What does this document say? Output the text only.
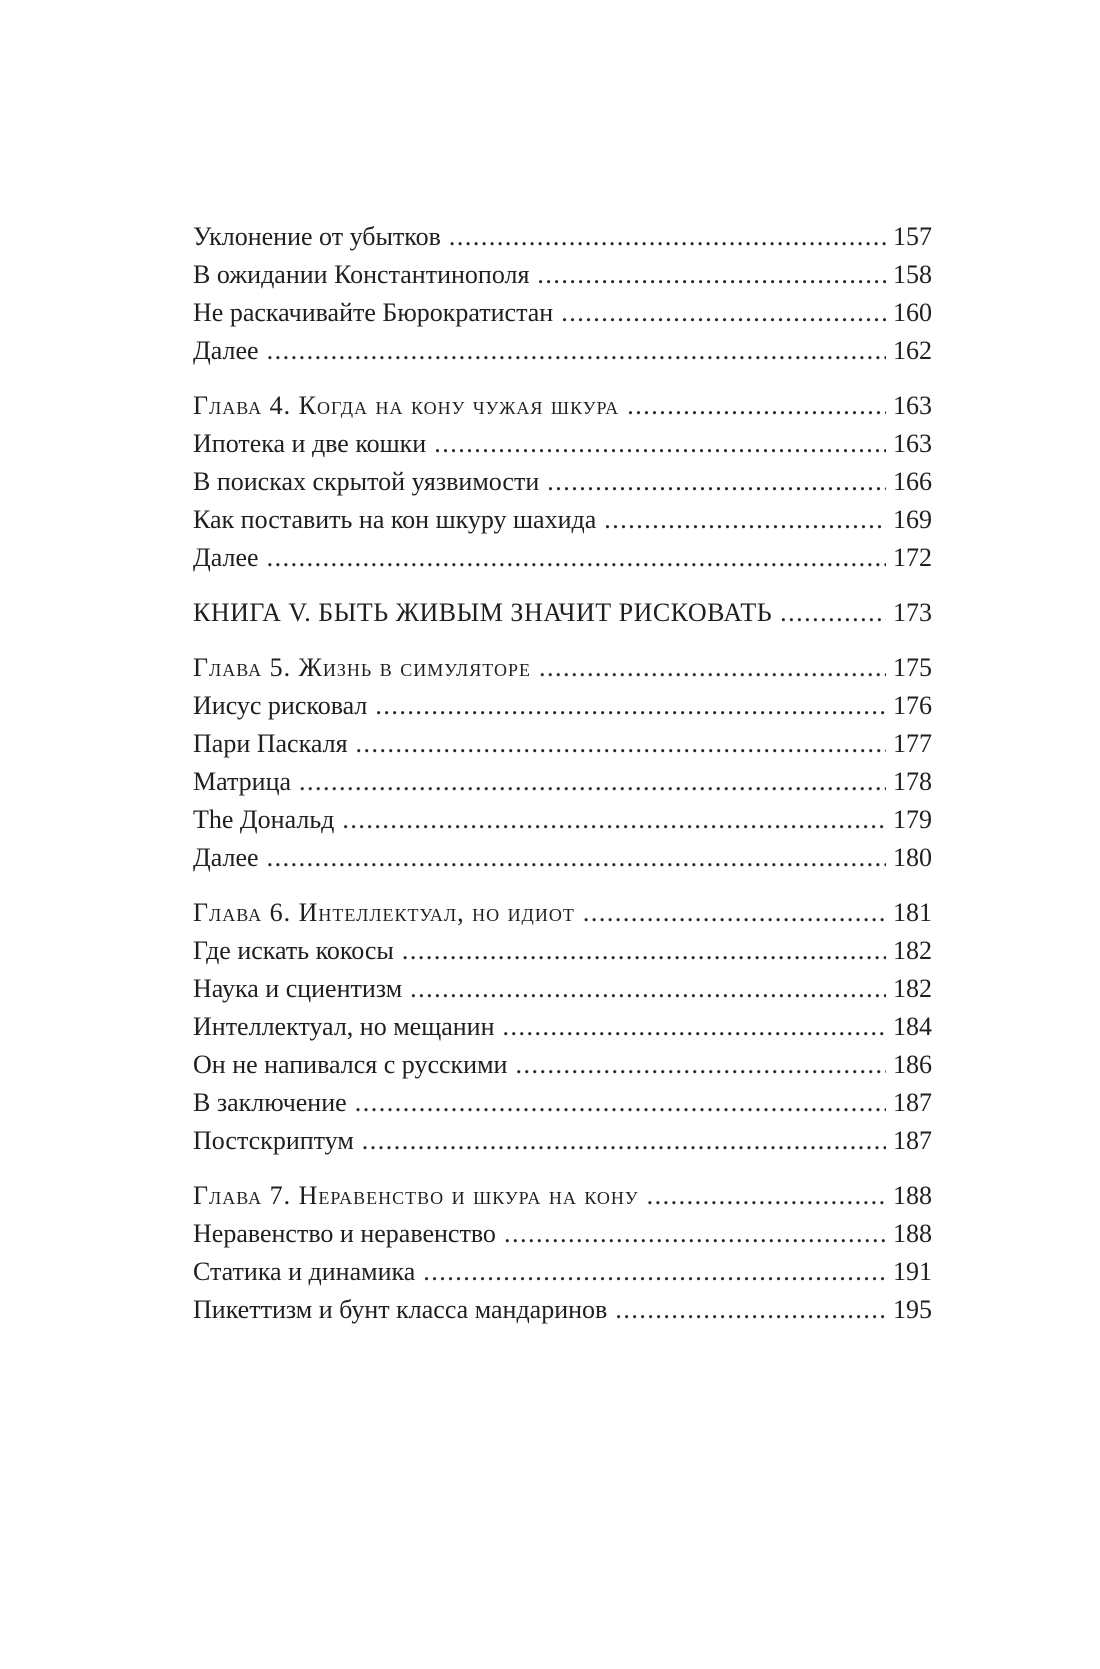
Уклонение от убытков .....	157
В ожидании Константинополя .....	158
Не раскачивайте Бюрократистан .....	160
Далее .....	162
Глава 4. Когда на кону чужая шкура .....	163
Ипотека и две кошки .....	163
В поисках скрытой уязвимости .....	166
Как поставить на кон шкуру шахида .....	169
Далее .....	172
КНИГА V. БЫТЬ ЖИВЫМ ЗНАЧИТ РИСКОВАТЬ .....	173
Глава 5. Жизнь в симуляторе .....	175
Иисус рисковал .....	176
Пари Паскаля .....	177
Матрица .....	178
The Дональд .....	179
Далее .....	180
Глава 6. Интеллектуал, но идиот .....	181
Где искать кокосы .....	182
Наука и сциентизм .....	182
Интеллектуал, но мещанин .....	184
Он не напивался с русскими .....	186
В заключение .....	187
Постскриптум .....	187
Глава 7. Неравенство и шкура на кону .....	188
Неравенство и неравенство .....	188
Статика и динамика .....	191
Пикеттизм и бунт класса мандаринов .....	195
